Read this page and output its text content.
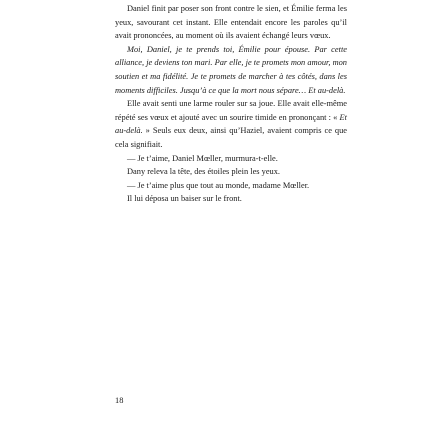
Daniel finit par poser son front contre le sien, et Émilie ferma les yeux, savourant cet instant. Elle entendait encore les paroles qu’il avait prononcées, au moment où ils avaient échangé leurs vœux.

Moi, Daniel, je te prends toi, Émilie pour épouse. Par cette alliance, je deviens ton mari. Par elle, je te promets mon amour, mon soutien et ma fidélité. Je te promets de marcher à tes côtés, dans les moments difficiles. Jusqu’à ce que la mort nous sépare… Et au-delà.

Elle avait senti une larme rouler sur sa joue. Elle avait elle-même répété ses vœux et ajouté avec un sourire timide en prononçant : « Et au-delà. » Seuls eux deux, ainsi qu’Haziel, avaient compris ce que cela signifiait.

— Je t’aime, Daniel Mœller, murmura-t-elle.

Dany releva la tête, des étoiles plein les yeux.

— Je t’aime plus que tout au monde, madame Mœller.

Il lui déposa un baiser sur le front.

18
